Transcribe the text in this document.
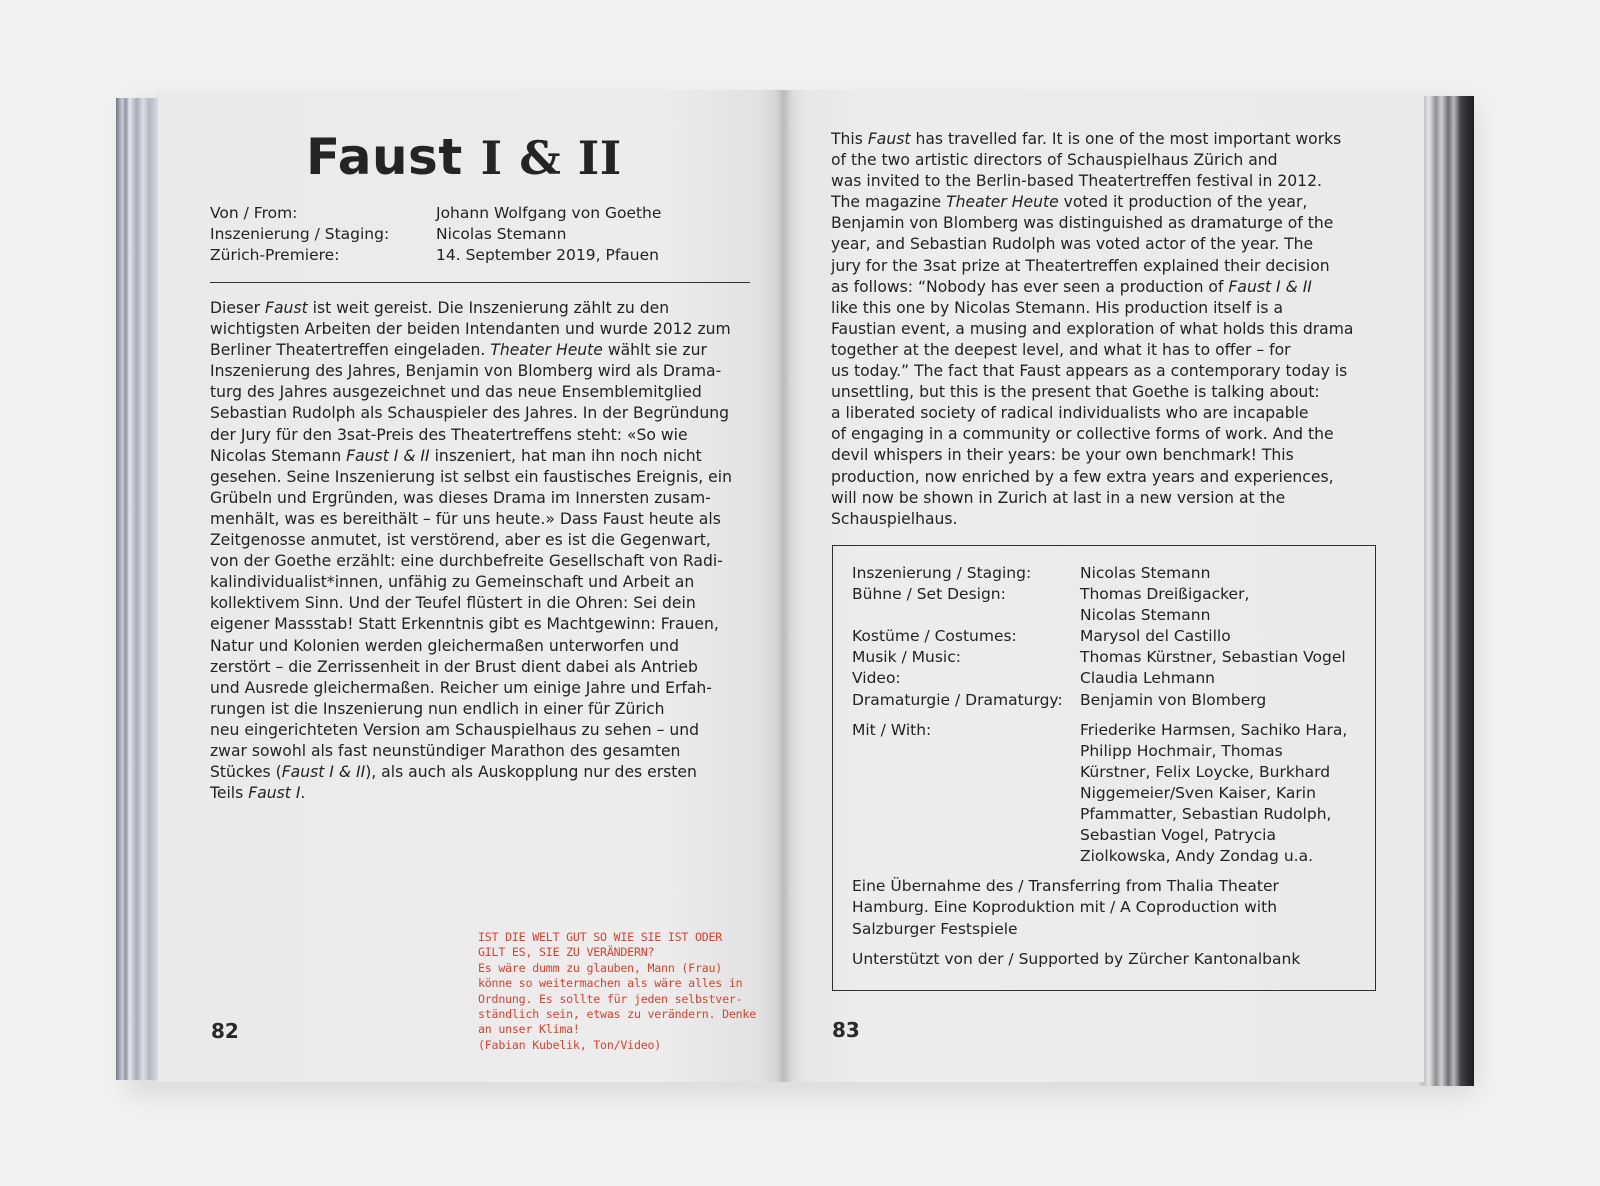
Faust I & II
Von / From:	Johann Wolfgang von Goethe
Inszenierung / Staging:	Nicolas Stemann
Zürich-Premiere:	14. September 2019, Pfauen

Dieser Faust ist weit gereist. Die Inszenierung zählt zu den
wichtigsten Arbeiten der beiden Intendanten und wurde 2012 zum
Berliner Theatertreffen eingeladen. Theater Heute wählt sie zur
Inszenierung des Jahres, Benjamin von Blomberg wird als Drama-
turg des Jahres ausgezeichnet und das neue Ensemblemitglied
Sebastian Rudolph als Schauspieler des Jahres. In der Begründung
der Jury für den 3sat-Preis des Theatertreffens steht: «So wie
Nicolas Stemann Faust I & II inszeniert, hat man ihn noch nicht
gesehen. Seine Inszenierung ist selbst ein faustisches Ereignis, ein
Grübeln und Ergründen, was dieses Drama im Innersten zusam-
menhält, was es bereithält – für uns heute.» Dass Faust heute als
Zeitgenosse anmutet, ist verstörend, aber es ist die Gegenwart,
von der Goethe erzählt: eine durchbefreite Gesellschaft von Radi-
kalindividualist*innen, unfähig zu Gemeinschaft und Arbeit an
kollektivem Sinn. Und der Teufel flüstert in die Ohren: Sei dein
eigener Massstab! Statt Erkenntnis gibt es Machtgewinn: Frauen,
Natur und Kolonien werden gleichermaßen unterworfen und
zerstört – die Zerrissenheit in der Brust dient dabei als Antrieb
und Ausrede gleichermaßen. Reicher um einige Jahre und Erfah-
rungen ist die Inszenierung nun endlich in einer für Zürich
neu eingerichteten Version am Schauspielhaus zu sehen – und
zwar sowohl als fast neunstündiger Marathon des gesamten
Stückes (Faust I & II), als auch als Auskopplung nur des ersten
Teils Faust I.

IST DIE WELT GUT SO WIE SIE IST ODER
GILT ES, SIE ZU VERÄNDERN?
Es wäre dumm zu glauben, Mann (Frau)
könne so weitermachen als wäre alles in
Ordnung. Es sollte für jeden selbstver-
ständlich sein, etwas zu verändern. Denke
an unser Klima!
(Fabian Kubelik, Ton/Video)
82

This Faust has travelled far. It is one of the most important works
of the two artistic directors of Schauspielhaus Zürich and
was invited to the Berlin-based Theatertreffen festival in 2012.
The magazine Theater Heute voted it production of the year,
Benjamin von Blomberg was distinguished as dramaturge of the
year, and Sebastian Rudolph was voted actor of the year. The
jury for the 3sat prize at Theatertreffen explained their decision
as follows: “Nobody has ever seen a production of Faust I & II
like this one by Nicolas Stemann. His production itself is a
Faustian event, a musing and exploration of what holds this drama
together at the deepest level, and what it has to offer – for
us today.” The fact that Faust appears as a contemporary today is
unsettling, but this is the present that Goethe is talking about:
a liberated society of radical individualists who are incapable
of engaging in a community or collective forms of work. And the
devil whispers in their years: be your own benchmark! This
production, now enriched by a few extra years and experiences,
will now be shown in Zurich at last in a new version at the
Schauspielhaus.

Inszenierung / Staging:	Nicolas Stemann
Bühne / Set Design:	Thomas Dreißigacker,
Nicolas Stemann
Kostüme / Costumes:	Marysol del Castillo
Musik / Music:	Thomas Kürstner, Sebastian Vogel
Video:	Claudia Lehmann
Dramaturgie / Dramaturgy:	Benjamin von Blomberg
Mit / With:	Friederike Harmsen, Sachiko Hara,
Philipp Hochmair, Thomas
Kürstner, Felix Loycke, Burkhard
Niggemeier/Sven Kaiser, Karin
Pfammatter, Sebastian Rudolph,
Sebastian Vogel, Patrycia
Ziolkowska, Andy Zondag u.a.
Eine Übernahme des / Transferring from Thalia Theater
Hamburg. Eine Koproduktion mit / A Coproduction with
Salzburger Festspiele
Unterstützt von der / Supported by Zürcher Kantonalbank
83
